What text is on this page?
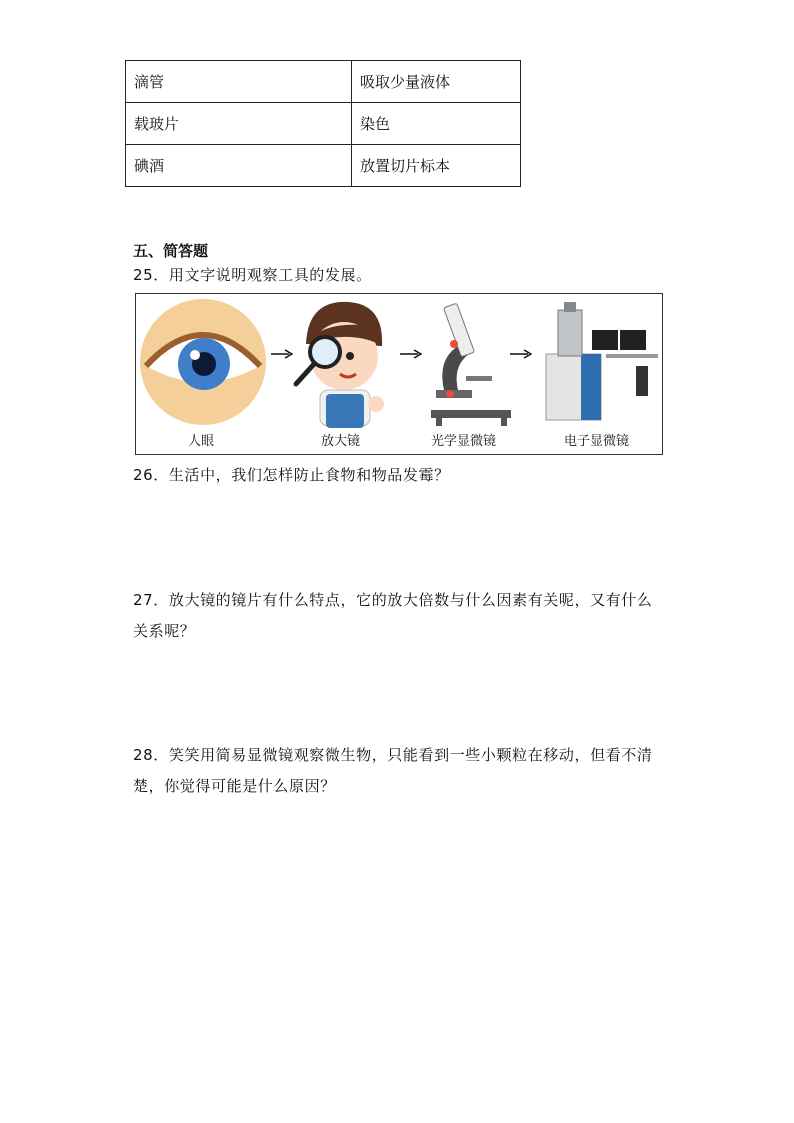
滴管	吸取少量液体
载玻片	染色
碘酒	放置切片标本
五、简答题
25．用文字说明观察工具的发展。
人眼	放大镜	光学显微镜	电子显微镜
26．生活中，我们怎样防止食物和物品发霉？
27．放大镜的镜片有什么特点，它的放大倍数与什么因素有关呢，又有什么
关系呢？
28．笑笑用简易显微镜观察微生物，只能看到一些小颗粒在移动，但看不清
楚，你觉得可能是什么原因？
